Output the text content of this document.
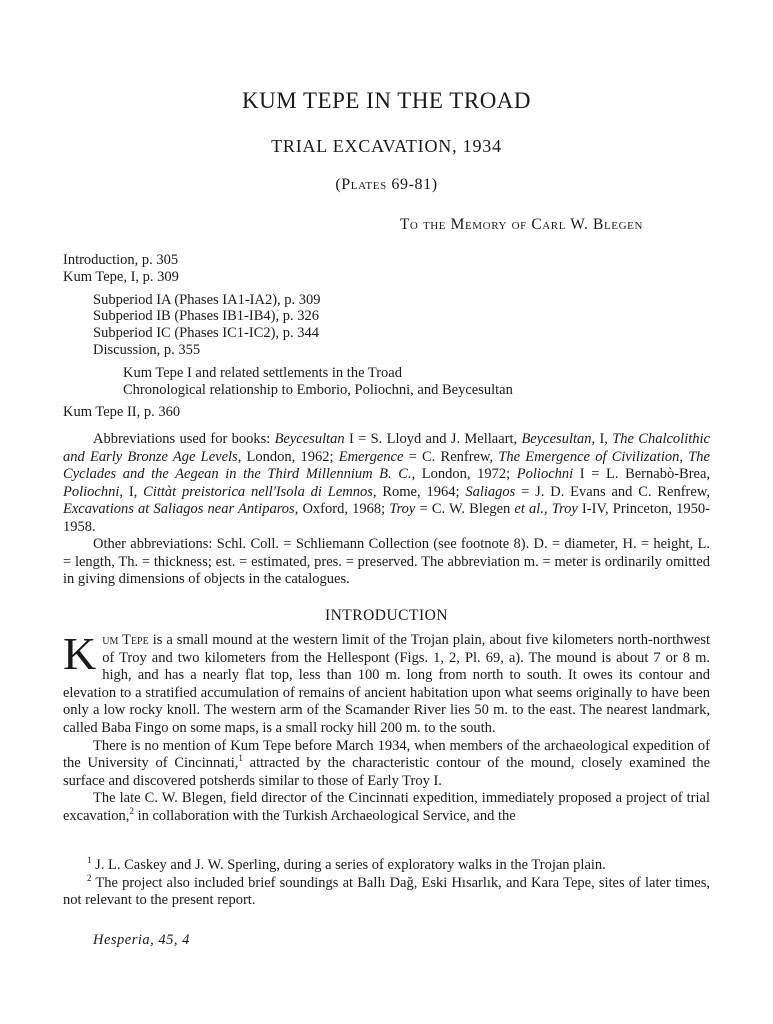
KUM TEPE IN THE TROAD
TRIAL EXCAVATION, 1934
(Plates 69-81)
To the Memory of Carl W. Blegen
Introduction, p. 305
Kum Tepe, I, p. 309
Subperiod IA (Phases IA1-IA2), p. 309
Subperiod IB (Phases IB1-IB4), p. 326
Subperiod IC (Phases IC1-IC2), p. 344
Discussion, p. 355
Kum Tepe I and related settlements in the Troad
Chronological relationship to Emborio, Poliochni, and Beycesultan
Kum Tepe II, p. 360

Abbreviations used for books: Beycesultan I = S. Lloyd and J. Mellaart, Beycesultan, I, The Chalcolithic and Early Bronze Age Levels, London, 1962; Emergence = C. Renfrew, The Emergence of Civilization, The Cyclades and the Aegean in the Third Millennium B. C., London, 1972; Poliochni I = L. Bernabò-Brea, Poliochni, I, Cittàt preistorica nell'Isola di Lemnos, Rome, 1964; Saliagos = J. D. Evans and C. Renfrew, Excavations at Saliagos near Antiparos, Oxford, 1968; Troy = C. W. Blegen et al., Troy I-IV, Princeton, 1950-1958.

Other abbreviations: Schl. Coll. = Schliemann Collection (see footnote 8). D. = diameter, H. = height, L. = length, Th. = thickness; est. = estimated, pres. = preserved. The abbreviation m. = meter is ordinarily omitted in giving dimensions of objects in the catalogues.

INTRODUCTION

Kum Tepe is a small mound at the western limit of the Trojan plain, about five kilometers north-northwest of Troy and two kilometers from the Hellespont (Figs. 1, 2, Pl. 69, a). The mound is about 7 or 8 m. high, and has a nearly flat top, less than 100 m. long from north to south. It owes its contour and elevation to a stratified accumulation of remains of ancient habitation upon what seems originally to have been only a low rocky knoll. The western arm of the Scamander River lies 50 m. to the east. The nearest landmark, called Baba Fingo on some maps, is a small rocky hill 200 m. to the south.

There is no mention of Kum Tepe before March 1934, when members of the archaeological expedition of the University of Cincinnati,$^1$ attracted by the characteristic contour of the mound, closely examined the surface and discovered potsherds similar to those of Early Troy I.

The late C. W. Blegen, field director of the Cincinnati expedition, immediately proposed a project of trial excavation,$^2$ in collaboration with the Turkish Archaeological Service, and the

$^1$ J. L. Caskey and J. W. Sperling, during a series of exploratory walks in the Trojan plain.

$^2$ The project also included brief soundings at Ballı Dağ, Eski Hısarlık, and Kara Tepe, sites of later times, not relevant to the present report.

Hesperia, 45, 4
